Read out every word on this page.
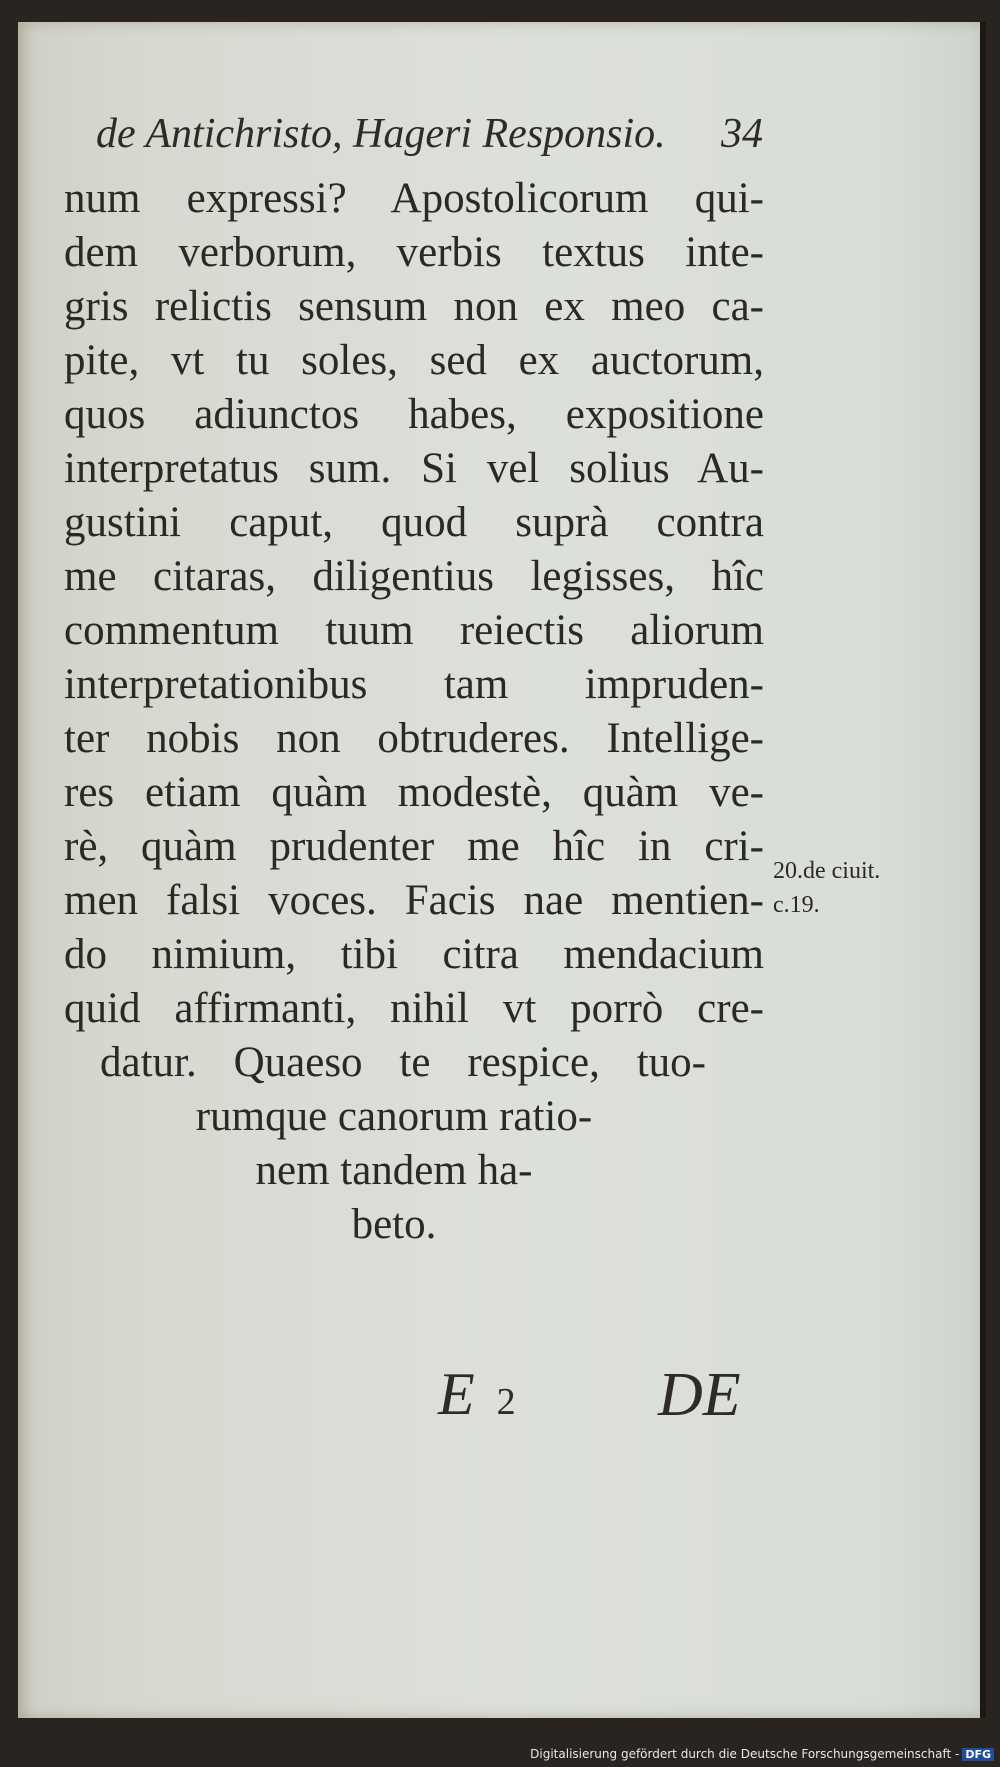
de Antichristo, Hageri Responsio. 34
num expressi? Apostolicorum qui-
dem verborum, verbis textus inte-
gris relictis sensum non ex meo ca-
pite, vt tu soles, sed ex auctorum,
quos adiunctos habes, expositione
interpretatus sum. Si vel solius Au-
gustini caput, quod suprà contra
me citaras, diligentius legisses, hîc
commentum tuum reiectis aliorum
interpretationibus tam impruden-
ter nobis non obtruderes. Intellige-
res etiam quàm modestè, quàm ve-
rè, quàm prudenter me hîc in cri-
men falsi voces. Facis nae mentien-
do nimium, tibi citra mendacium
quid affirmanti, nihil vt porrò cre-
datur. Quaeso te respice, tuo-
rumque canorum ratio-
nem tandem ha-
beto.
20.de ciuit.
c.19.
E 2 DE
Digitalisierung gefördert durch die Deutsche Forschungsgemeinschaft - DFG
